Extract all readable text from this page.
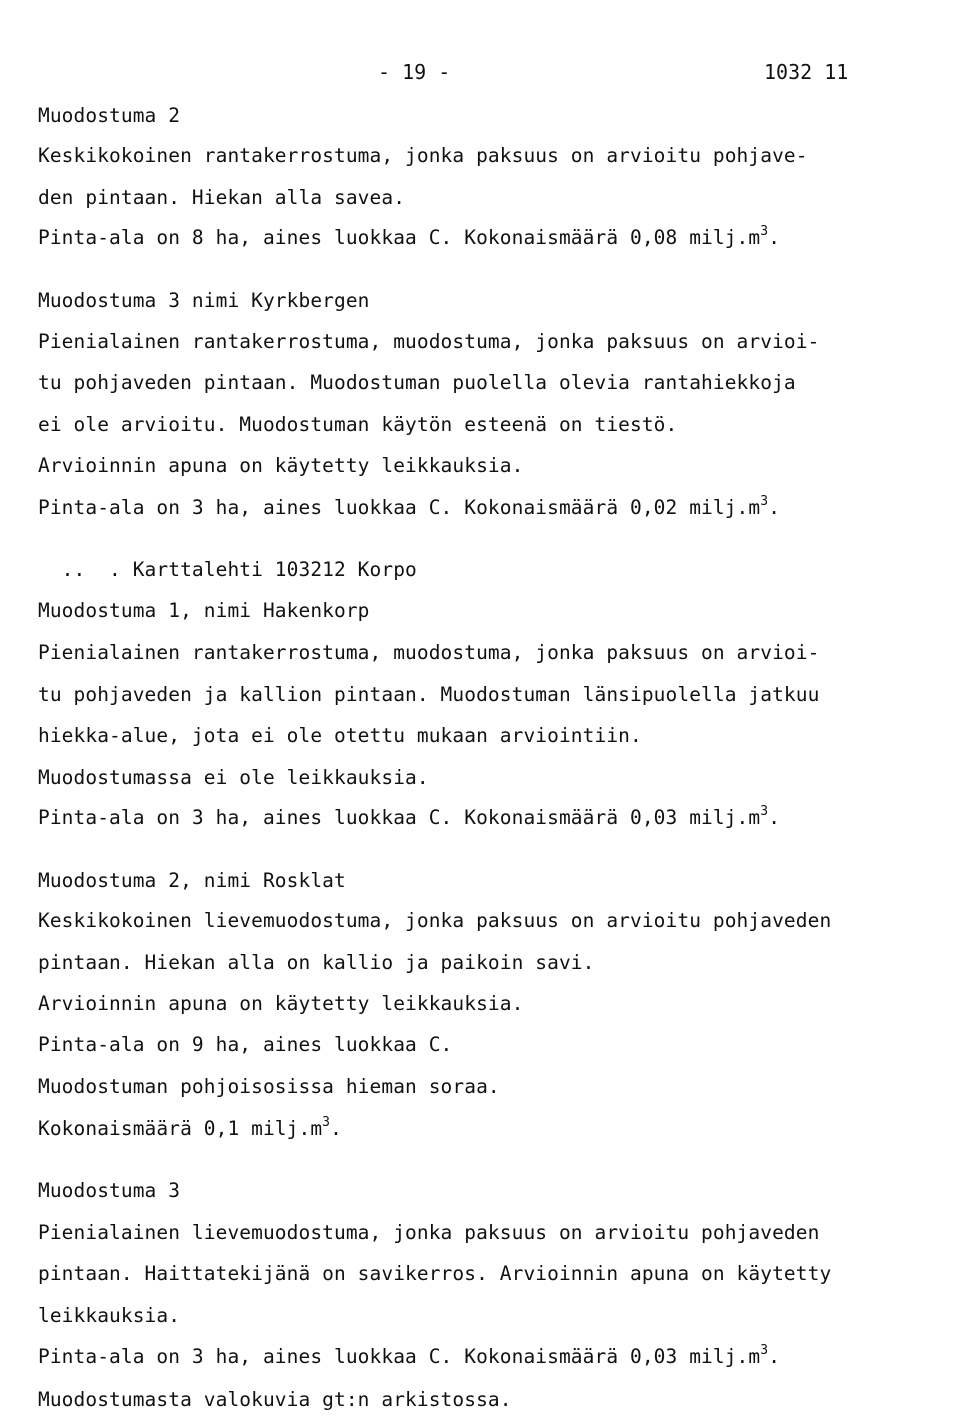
- 19 -	1032 11
Muodostuma 2
Keskikokoinen rantakerrostuma, jonka paksuus on arvioitu pohjave-
den pintaan. Hiekan alla savea.
Pinta-ala on 8 ha, aines luokkaa C. Kokonaismäärä 0,08 $milj.m^3$.
Muodostuma 3 nimi Kyrkbergen
Pienialainen rantakerrostuma, muodostuma, jonka paksuus on arvioi-
tu pohjaveden pintaan. Muodostuman puolella olevia rantahiekkoja
ei ole arvioitu. Muodostuman käytön esteenä on tiestö.
Arvioinnin apuna on käytetty leikkauksia.
Pinta-ala on 3 ha, aines luokkaa C. Kokonaismäärä 0,02 $milj.m^3$.
..  . Karttalehti 103212 Korpo
Muodostuma 1, nimi Hakenkorp
Pienialainen rantakerrostuma, muodostuma, jonka paksuus on arvioi-
tu pohjaveden ja kallion pintaan. Muodostuman länsipuolella jatkuu
hiekka-alue, jota ei ole otettu mukaan arviointiin.
Muodostumassa ei ole leikkauksia.
Pinta-ala on 3 ha, aines luokkaa C. Kokonaismäärä 0,03 $milj.m^3$.
Muodostuma 2, nimi Rosklat
Keskikokoinen lievemuodostuma, jonka paksuus on arvioitu pohjaveden
pintaan. Hiekan alla on kallio ja paikoin savi.
Arvioinnin apuna on käytetty leikkauksia.
Pinta-ala on 9 ha, aines luokkaa C.
Muodostuman pohjoisosissa hieman soraa.
Kokonaismäärä 0,1 $milj.m^3$.
Muodostuma 3
Pienialainen lievemuodostuma, jonka paksuus on arvioitu pohjaveden
pintaan. Haittatekijänä on savikerros. Arvioinnin apuna on käytetty
leikkauksia.
Pinta-ala on 3 ha, aines luokkaa C. Kokonaismäärä 0,03 $milj.m^3$.
Muodostumasta valokuvia gt:n arkistossa.
